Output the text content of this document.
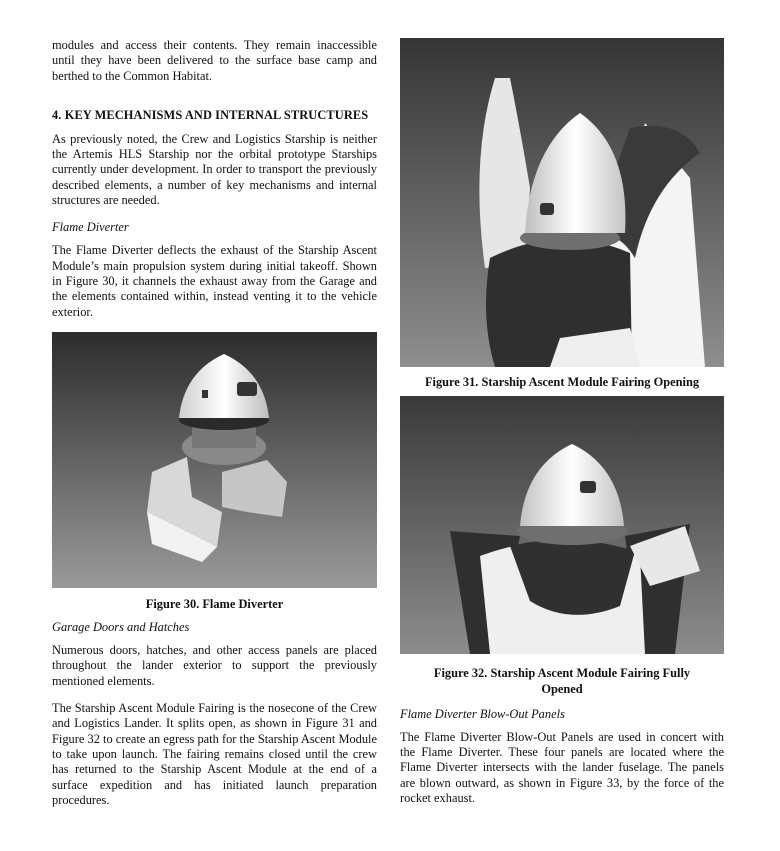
modules and access their contents. They remain inaccessible until they have been delivered to the surface base camp and berthed to the Common Habitat.

4. KEY MECHANISMS AND INTERNAL STRUCTURES

As previously noted, the Crew and Logistics Starship is neither the Artemis HLS Starship nor the orbital prototype Starships currently under development. In order to transport the previously described elements, a number of key mechanisms and internal structures are needed.

Flame Diverter

The Flame Diverter deflects the exhaust of the Starship Ascent Module’s main propulsion system during initial takeoff. Shown in Figure 30, it channels the exhaust away from the Garage and the elements contained within, instead venting it to the vehicle exterior.

Figure 30. Flame Diverter
Garage Doors and Hatches

Numerous doors, hatches, and other access panels are placed throughout the lander exterior to support the previously mentioned elements.

The Starship Ascent Module Fairing is the nosecone of the Crew and Logistics Lander. It splits open, as shown in Figure 31 and Figure 32 to create an egress path for the Starship Ascent Module to take upon launch. The fairing remains closed until the crew has returned to the Starship Ascent Module at the end of a surface expedition and has initiated launch preparation procedures.

Figure 31. Starship Ascent Module Fairing Opening
Figure 32. Starship Ascent Module Fairing Fully Opened
Flame Diverter Blow-Out Panels

The Flame Diverter Blow-Out Panels are used in concert with the Flame Diverter. These four panels are located where the Flame Diverter intersects with the lander fuselage. The panels are blown outward, as shown in Figure 33, by the force of the rocket exhaust.
